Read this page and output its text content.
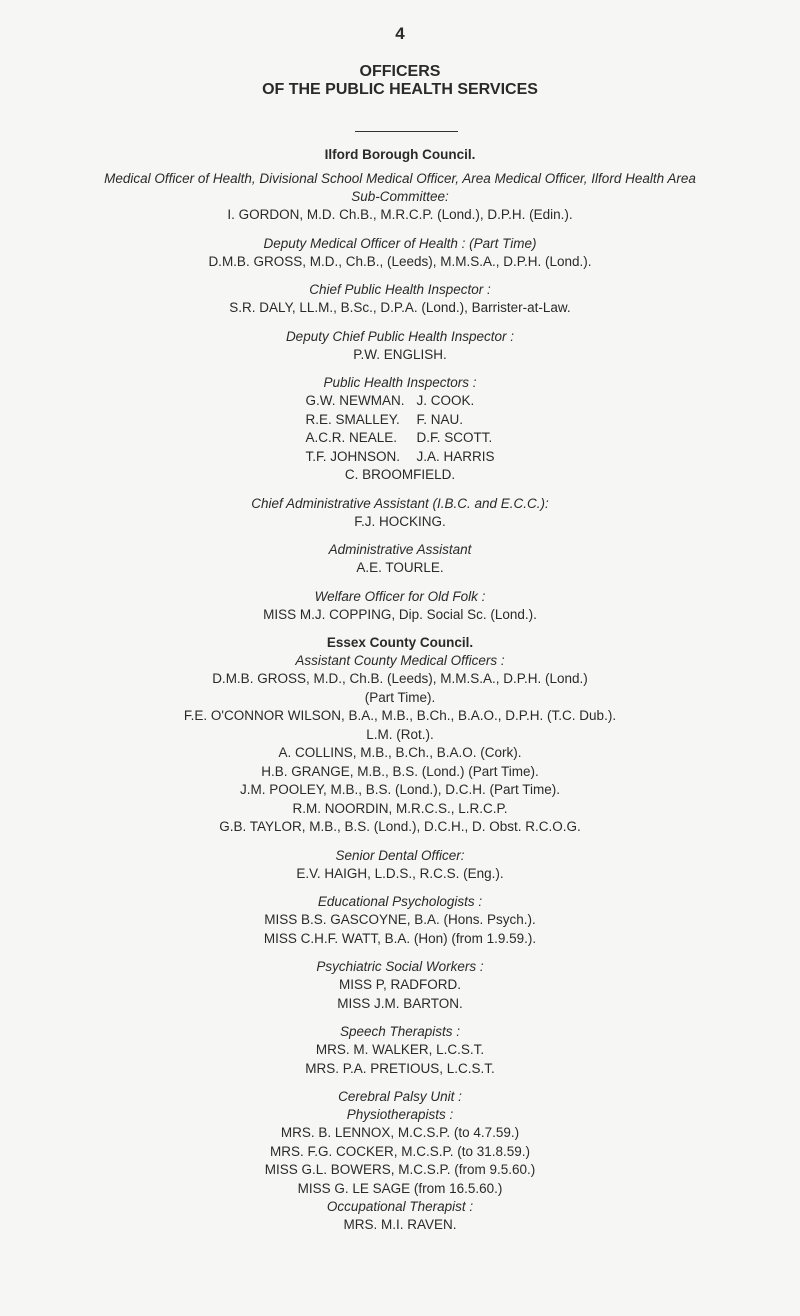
4
OFFICERS
OF THE PUBLIC HEALTH SERVICES
Ilford Borough Council.
Medical Officer of Health, Divisional School Medical Officer, Area Medical Officer, Ilford Health Area Sub-Committee:
I. GORDON, M.D. Ch.B., M.R.C.P. (Lond.), D.P.H. (Edin.).
Deputy Medical Officer of Health : (Part Time)
D.M.B. GROSS, M.D., Ch.B., (Leeds), M.M.S.A., D.P.H. (Lond.).
Chief Public Health Inspector :
S.R. DALY, LL.M., B.Sc., D.P.A. (Lond.), Barrister-at-Law.
Deputy Chief Public Health Inspector :
P.W. ENGLISH.
Public Health Inspectors :
G.W. NEWMAN. J. COOK.
R.E. SMALLEY.	F. NAU.
A.C.R. NEALE.	D.F. SCOTT.
T.F. JOHNSON.	J.A. HARRIS
C. BROOMFIELD.
Chief Administrative Assistant (I.B.C. and E.C.C.):
F.J. HOCKING.
Administrative Assistant
A.E. TOURLE.
Welfare Officer for Old Folk :
MISS M.J. COPPING, Dip. Social Sc. (Lond.).
Essex County Council.
Assistant County Medical Officers :
D.M.B. GROSS, M.D., Ch.B. (Leeds), M.M.S.A., D.P.H. (Lond.)
(Part Time).
F.E. O'CONNOR WILSON, B.A., M.B., B.Ch., B.A.O., D.P.H. (T.C. Dub.).
L.M. (Rot.).
A. COLLINS, M.B., B.Ch., B.A.O. (Cork).
H.B. GRANGE, M.B., B.S. (Lond.) (Part Time).
J.M. POOLEY, M.B., B.S. (Lond.), D.C.H. (Part Time).
R.M. NOORDIN, M.R.C.S., L.R.C.P.
G.B. TAYLOR, M.B., B.S. (Lond.), D.C.H., D. Obst. R.C.O.G.
Senior Dental Officer:
E.V. HAIGH, L.D.S., R.C.S. (Eng.).
Educational Psychologists :
MISS B.S. GASCOYNE, B.A. (Hons. Psych.).
MISS C.H.F. WATT, B.A. (Hon) (from 1.9.59.).
Psychiatric Social Workers :
MISS P, RADFORD.
MISS J.M. BARTON.
Speech Therapists :
MRS. M. WALKER, L.C.S.T.
MRS. P.A. PRETIOUS, L.C.S.T.
Cerebral Palsy Unit :
Physiotherapists :
MRS. B. LENNOX, M.C.S.P. (to 4.7.59.)
MRS. F.G. COCKER, M.C.S.P. (to 31.8.59.)
MISS G.L. BOWERS, M.C.S.P. (from 9.5.60.)
MISS G. LE SAGE (from 16.5.60.)
Occupational Therapist :
MRS. M.I. RAVEN.
